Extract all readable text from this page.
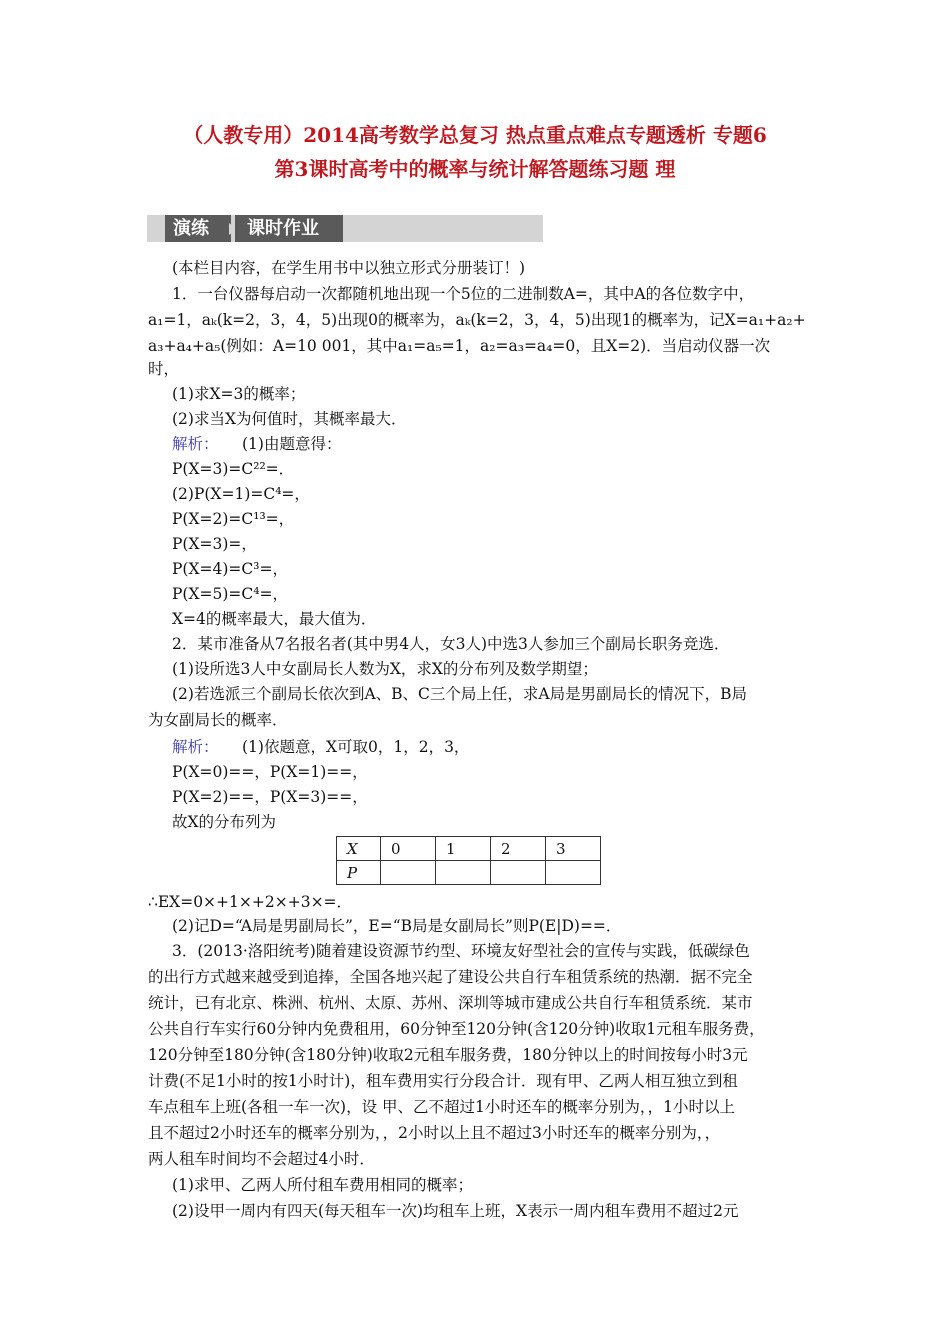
（人教专用）2014高考数学总复习 热点重点难点专题透析 专题6
第3课时高考中的概率与统计解答题练习题 理
演练	课时作业
(本栏目内容，在学生用书中以独立形式分册装订！)
1．一台仪器每启动一次都随机地出现一个5位的二进制数A=，其中A的各位数字中，
a₁=1，aₖ(k=2，3，4，5)出现0的概率为，aₖ(k=2，3，4，5)出现1的概率为，记X=a₁+a₂+
a₃+a₄+a₅(例如：A=10 001，其中a₁=a₅=1，a₂=a₃=a₄=0，且X=2)．当启动仪器一次
时，
(1)求X=3的概率；
(2)求当X为何值时，其概率最大．
解析： (1)由题意得：
P(X=3)=C²²=．
(2)P(X=1)=C⁴=，
P(X=2)=C¹³=，
P(X=3)=，
P(X=4)=C³=，
P(X=5)=C⁴=，
X=4的概率最大，最大值为．
2．某市准备从7名报名者(其中男4人，女3人)中选3人参加三个副局长职务竞选．
(1)设所选3人中女副局长人数为X，求X的分布列及数学期望；
(2)若选派三个副局长依次到A、B、C三个局上任，求A局是男副局长的情况下，B局
为女副局长的概率．
解析： (1)依题意，X可取0，1，2，3，
P(X=0)==，P(X=1)==，
P(X=2)==，P(X=3)==，
故X的分布列为
X	0	1	2	3
P				
∴EX=0×+1×+2×+3×=．
(2)记D=“A局是男副局长”，E=“B局是女副局长”则P(E|D)==．
3．(2013·洛阳统考)随着建设资源节约型、环境友好型社会的宣传与实践，低碳绿色
的出行方式越来越受到追捧，全国各地兴起了建设公共自行车租赁系统的热潮．据不完全
统计，已有北京、株洲、杭州、太原、苏州、深圳等城市建成公共自行车租赁系统．某市
公共自行车实行60分钟内免费租用，60分钟至120分钟(含120分钟)收取1元租车服务费，
120分钟至180分钟(含180分钟)收取2元租车服务费，180分钟以上的时间按每小时3元
计费(不足1小时的按1小时计)，租车费用实行分段合计．现有甲、乙两人相互独立到租
车点租车上班(各租一车一次)，设 甲、乙不超过1小时还车的概率分别为，，1小时以上
且不超过2小时还车的概率分别为，，2小时以上且不超过3小时还车的概率分别为，，
两人租车时间均不会超过4小时．
(1)求甲、乙两人所付租车费用相同的概率；
(2)设甲一周内有四天(每天租车一次)均租车上班，X表示一周内租车费用不超过2元
